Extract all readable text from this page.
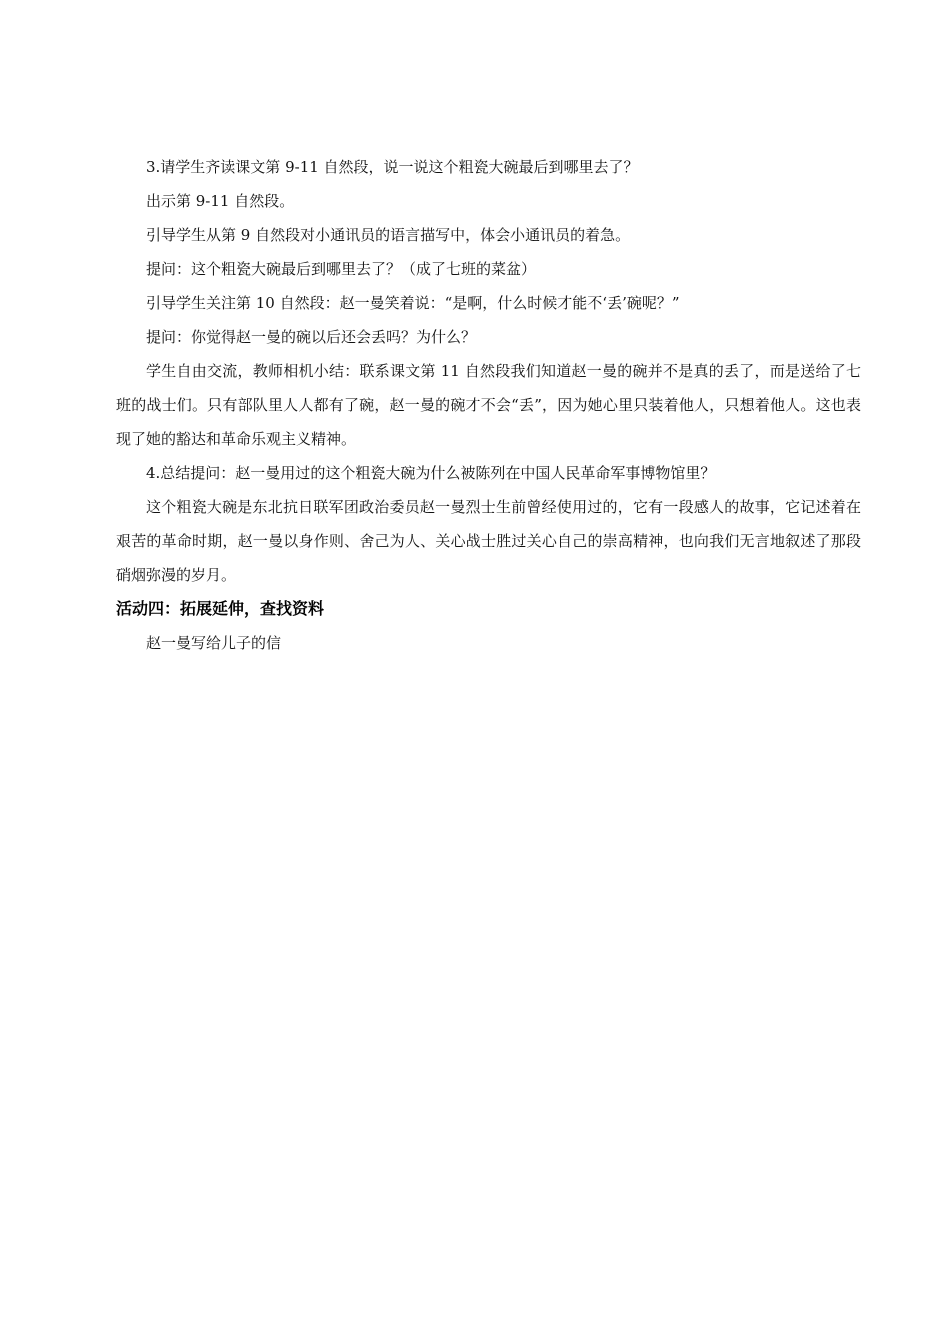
3.请学生齐读课文第 9-11 自然段，说一说这个粗瓷大碗最后到哪里去了？

出示第 9-11 自然段。

引导学生从第 9 自然段对小通讯员的语言描写中，体会小通讯员的着急。

提问：这个粗瓷大碗最后到哪里去了？（成了七班的菜盆）

引导学生关注第 10 自然段：赵一曼笑着说：“是啊，什么时候才能不‘丢’碗呢？”

提问：你觉得赵一曼的碗以后还会丢吗？为什么？

学生自由交流，教师相机小结：联系课文第 11 自然段我们知道赵一曼的碗并不是真的丢了，而是送给了七班的战士们。只有部队里人人都有了碗，赵一曼的碗才不会“丢”，因为她心里只装着他人，只想着他人。这也表现了她的豁达和革命乐观主义精神。

4.总结提问：赵一曼用过的这个粗瓷大碗为什么被陈列在中国人民革命军事博物馆里？

这个粗瓷大碗是东北抗日联军团政治委员赵一曼烈士生前曾经使用过的，它有一段感人的故事，它记述着在艰苦的革命时期，赵一曼以身作则、舍己为人、关心战士胜过关心自己的崇高精神，也向我们无言地叙述了那段硝烟弥漫的岁月。

活动四：拓展延伸，查找资料

赵一曼写给儿子的信
